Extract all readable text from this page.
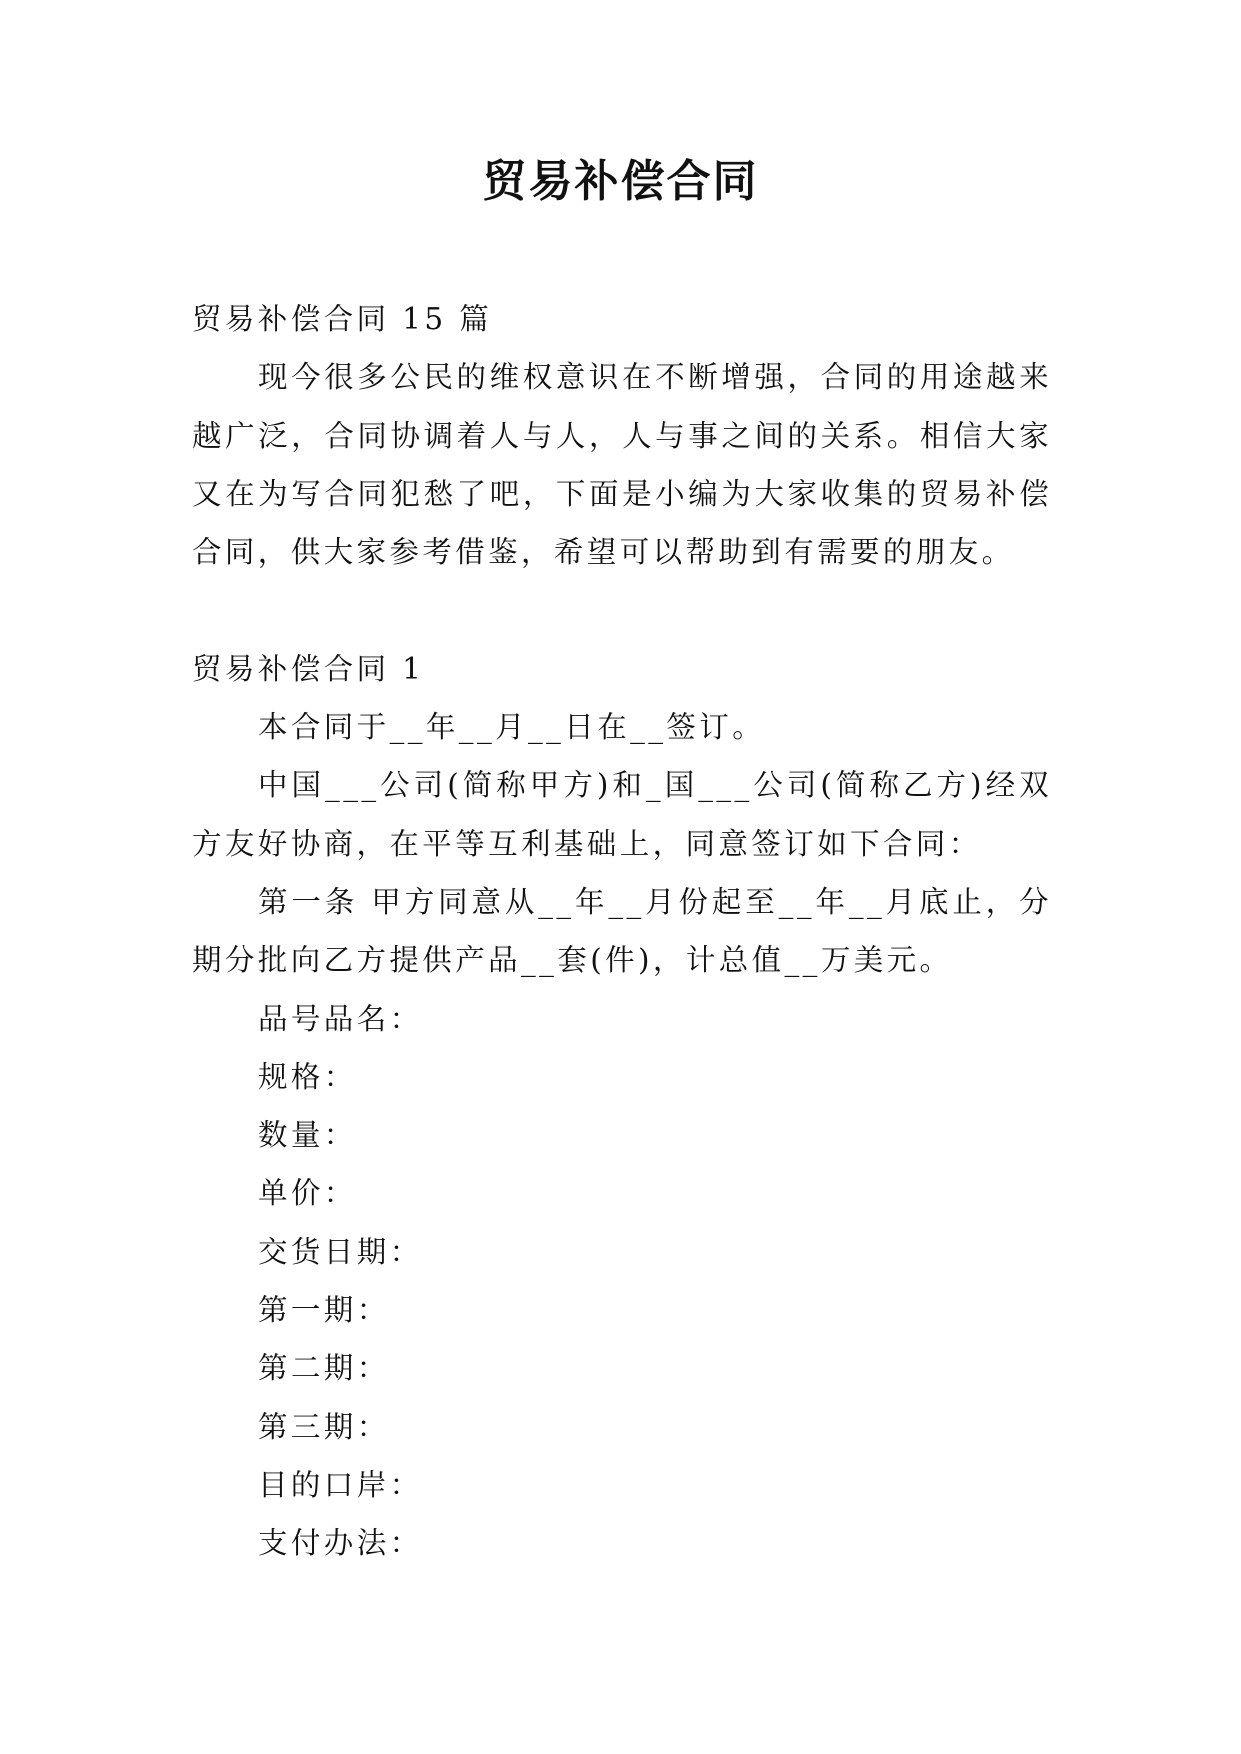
贸易补偿合同

贸易补偿合同 15 篇

现今很多公民的维权意识在不断增强，合同的用途越来越广泛，合同协调着人与人，人与事之间的关系。相信大家又在为写合同犯愁了吧，下面是小编为大家收集的贸易补偿合同，供大家参考借鉴，希望可以帮助到有需要的朋友。

贸易补偿合同 1

本合同于__年__月__日在__签订。

中国___公司(简称甲方)和_国___公司(简称乙方)经双方友好协商，在平等互利基础上，同意签订如下合同：

第一条 甲方同意从__年__月份起至__年__月底止，分期分批向乙方提供产品__套(件)，计总值__万美元。

品号品名：

规格：

数量：

单价：

交货日期：

第一期：

第二期：

第三期：

目的口岸：

支付办法：
